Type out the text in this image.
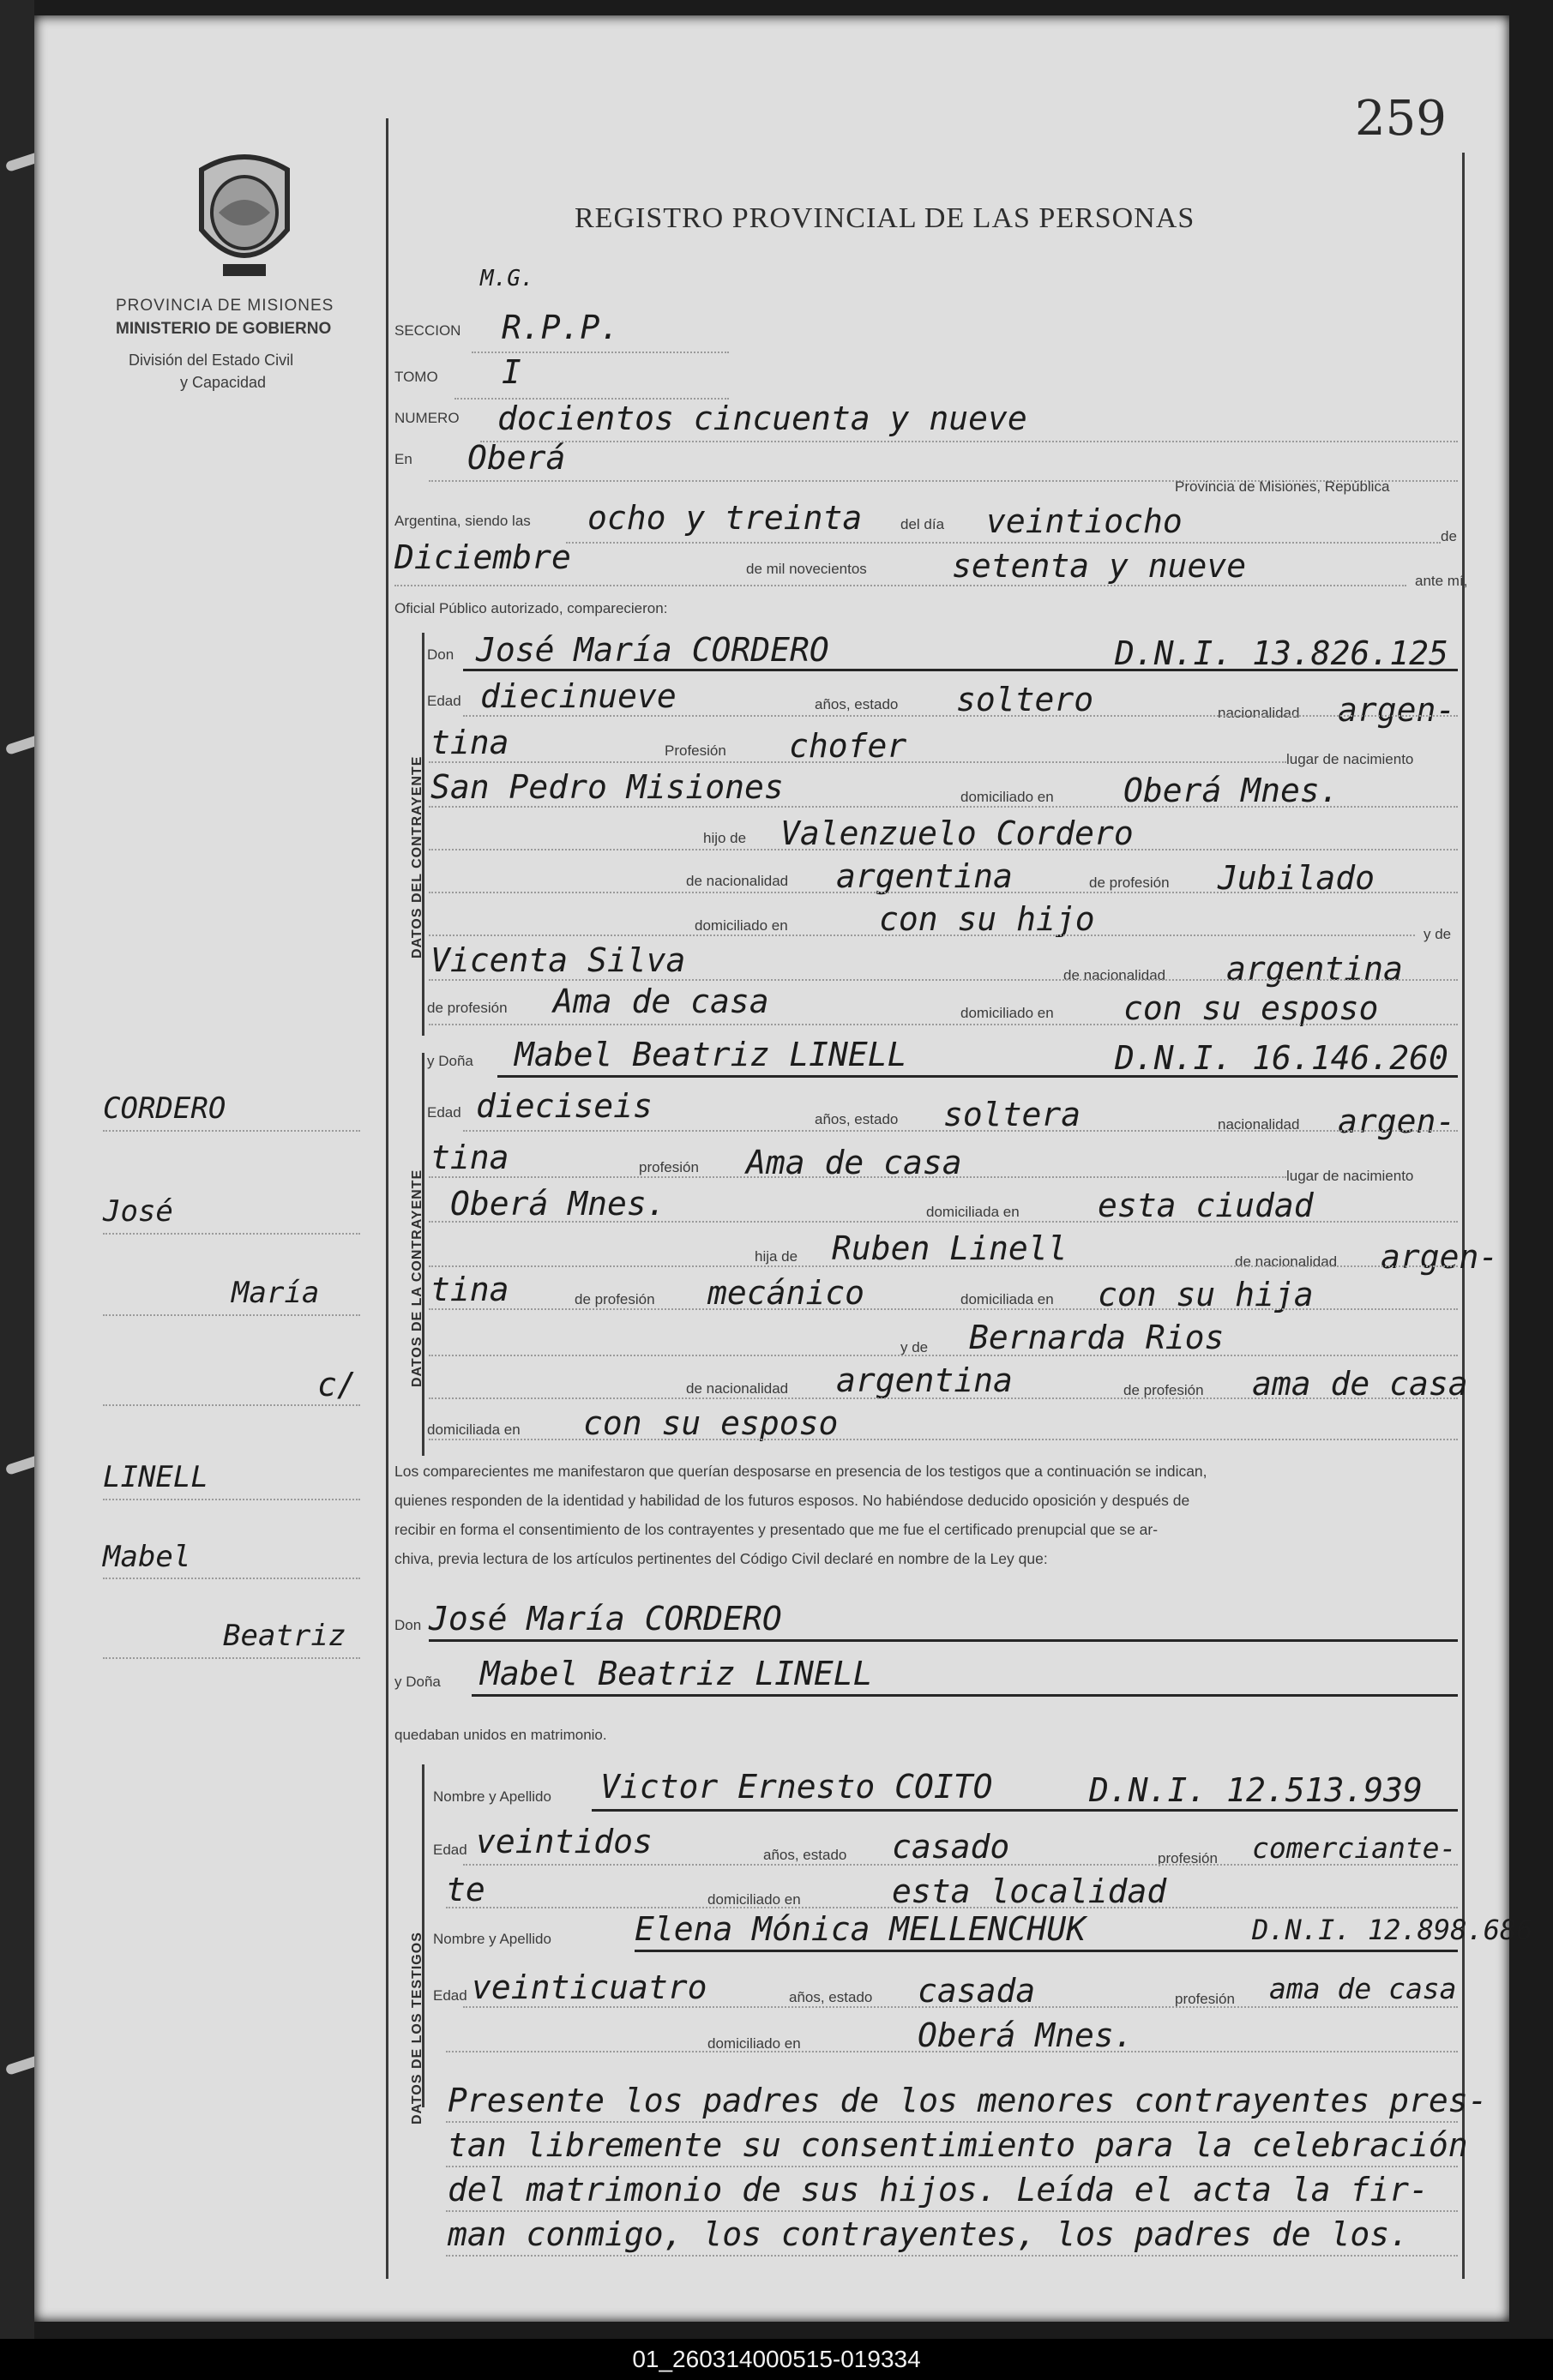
259
PROVINCIA DE MISIONES
MINISTERIO DE GOBIERNO
División del Estado Civil
y Capacidad
REGISTRO PROVINCIAL DE LAS PERSONAS
CORDERO
José
María
c/
LINELL
Mabel
Beatriz
M.G.
SECCION R.P.P.
TOMO I
NUMERO docientos cincuenta y nueve
En Oberá
Provincia de Misiones, República
Argentina, siendo las ocho y treinta	del día veintiocho	de
Diciembre	de mil novecientos	setenta y nueve	ante mí,
Oficial Público autorizado, comparecieron:
DATOS DEL CONTRAYENTE
Don José María CORDERO	D.N.I. 13.826.125
Edad diecinueve	años, estado soltero	nacionalidad argen-
tina	Profesión chofer	lugar de nacimiento
San Pedro Misiones	domiciliado en Oberá Mnes.
hijo de Valenzuelo Cordero
de nacionalidad argentina	de profesión Jubilado
domiciliado en	con su hijo	y de
Vicenta Silva	de nacionalidad argentina
de profesión Ama de casa	domiciliado en con su esposo
DATOS DE LA CONTRAYENTE
y Doña Mabel Beatriz LINELL	D.N.I. 16.146.260
Edad dieciseis	años, estado soltera	nacionalidad argen-
tina	profesión Ama de casa	lugar de nacimiento
Oberá Mnes.	domiciliada en esta ciudad
hija de Ruben Linell	de nacionalidad argen-
tina	de profesión mecánico	domiciliada en con su hija
y de Bernarda Rios
de nacionalidad argentina	de profesión ama de casa
domiciliada en con su esposo
Los comparecientes me manifestaron que querían desposarse en presencia de los testigos que a continuación se indican,
quienes responden de la identidad y habilidad de los futuros esposos. No habiéndose deducido oposición y después de
recibir en forma el consentimiento de los contrayentes y presentado que me fue el certificado prenupcial que se ar-
chiva, previa lectura de los artículos pertinentes del Código Civil declaré en nombre de la Ley que:
Don José María CORDERO
y Doña Mabel Beatriz LINELL
quedaban unidos en matrimonio.
DATOS DE LOS TESTIGOS
Nombre y Apellido Victor Ernesto COITO	D.N.I. 12.513.939
Edad veintidos	años, estado casado	profesión comerciante-
te	domiciliado en	esta localidad
Nombre y Apellido	Elena Mónica MELLENCHUK	D.N.I. 12.898.686
Edad veinticuatro	años, estado casada	profesión ama de casa
domiciliado en	Oberá Mnes.
Presente los padres de los menores contrayentes pres-
tan libremente su consentimiento para la celebración
del matrimonio de sus hijos. Leída el acta la fir-
man conmigo, los contrayentes, los padres de los.
01_260314000515-019334
